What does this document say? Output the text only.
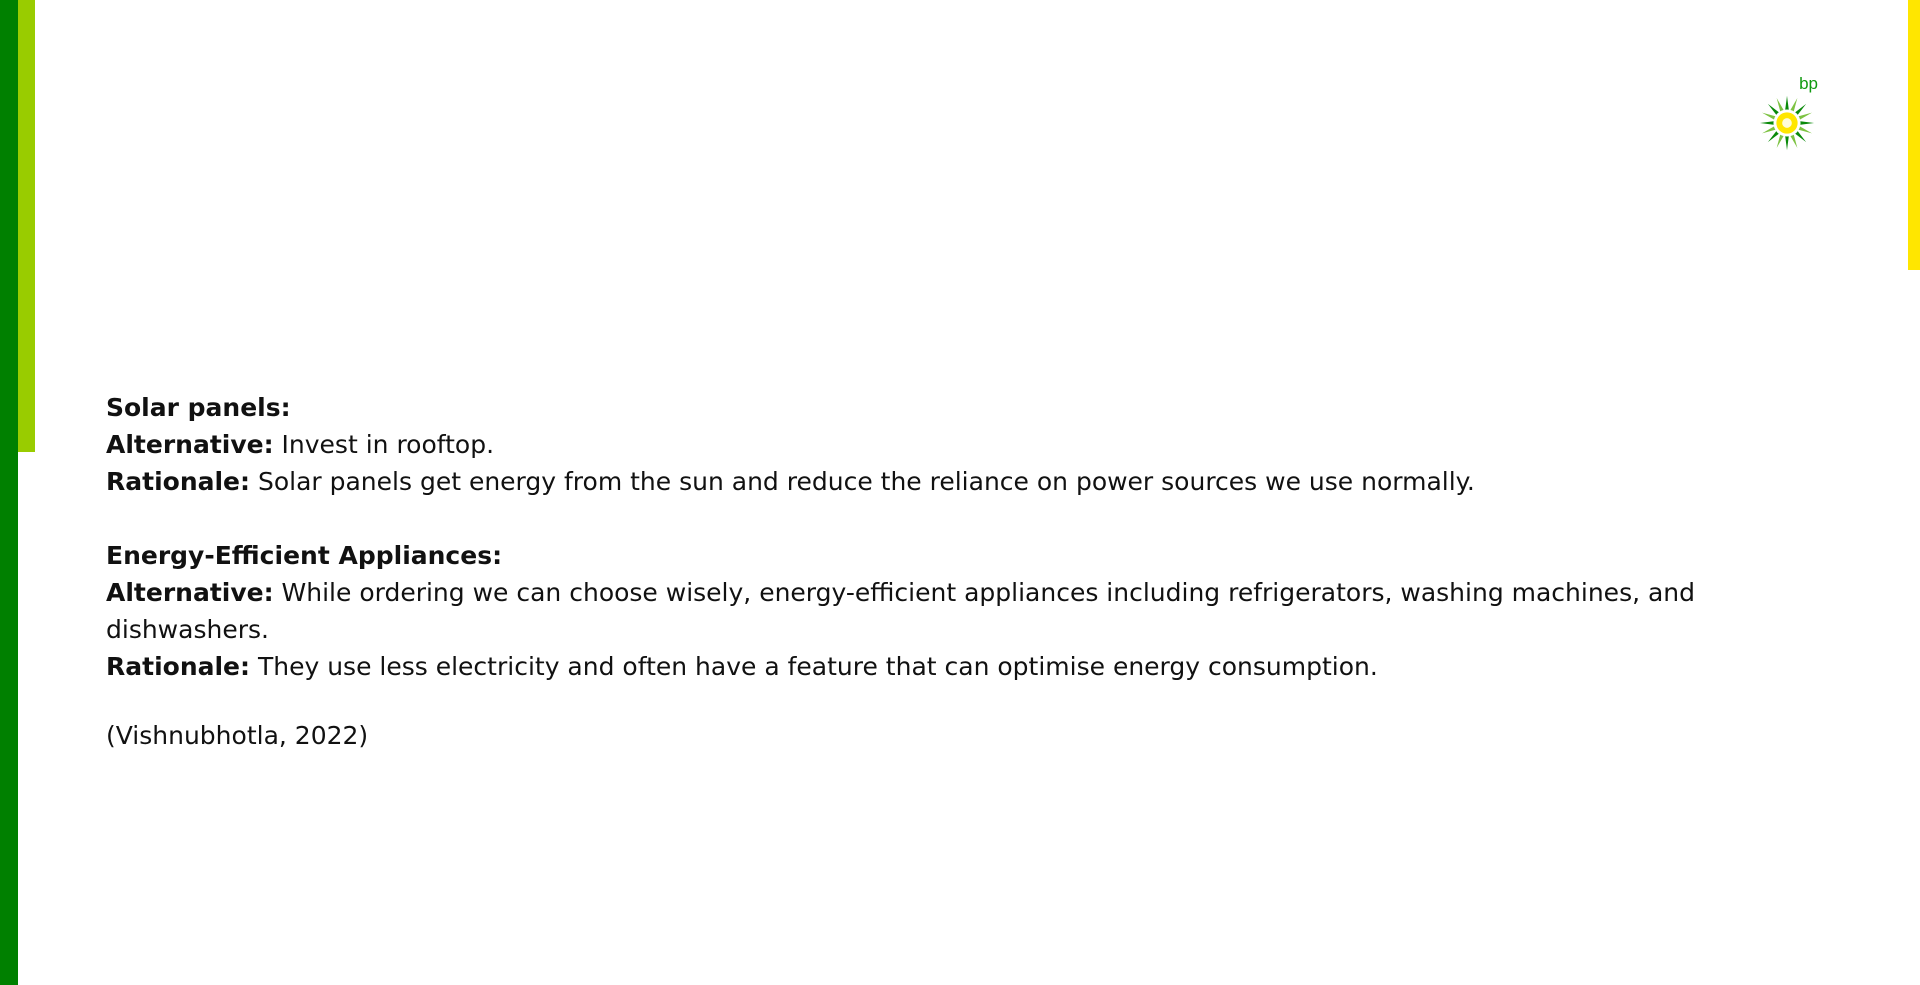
bp

Solar panels:

Alternative: Invest in rooftop.

Rationale: Solar panels get energy from the sun and reduce the reliance on power sources we use normally.

Energy-Efficient Appliances:

Alternative: While ordering we can choose wisely, energy-efficient appliances including refrigerators, washing machines, and dishwashers.

Rationale: They use less electricity and often have a feature that can optimise energy consumption.

(Vishnubhotla, 2022)
